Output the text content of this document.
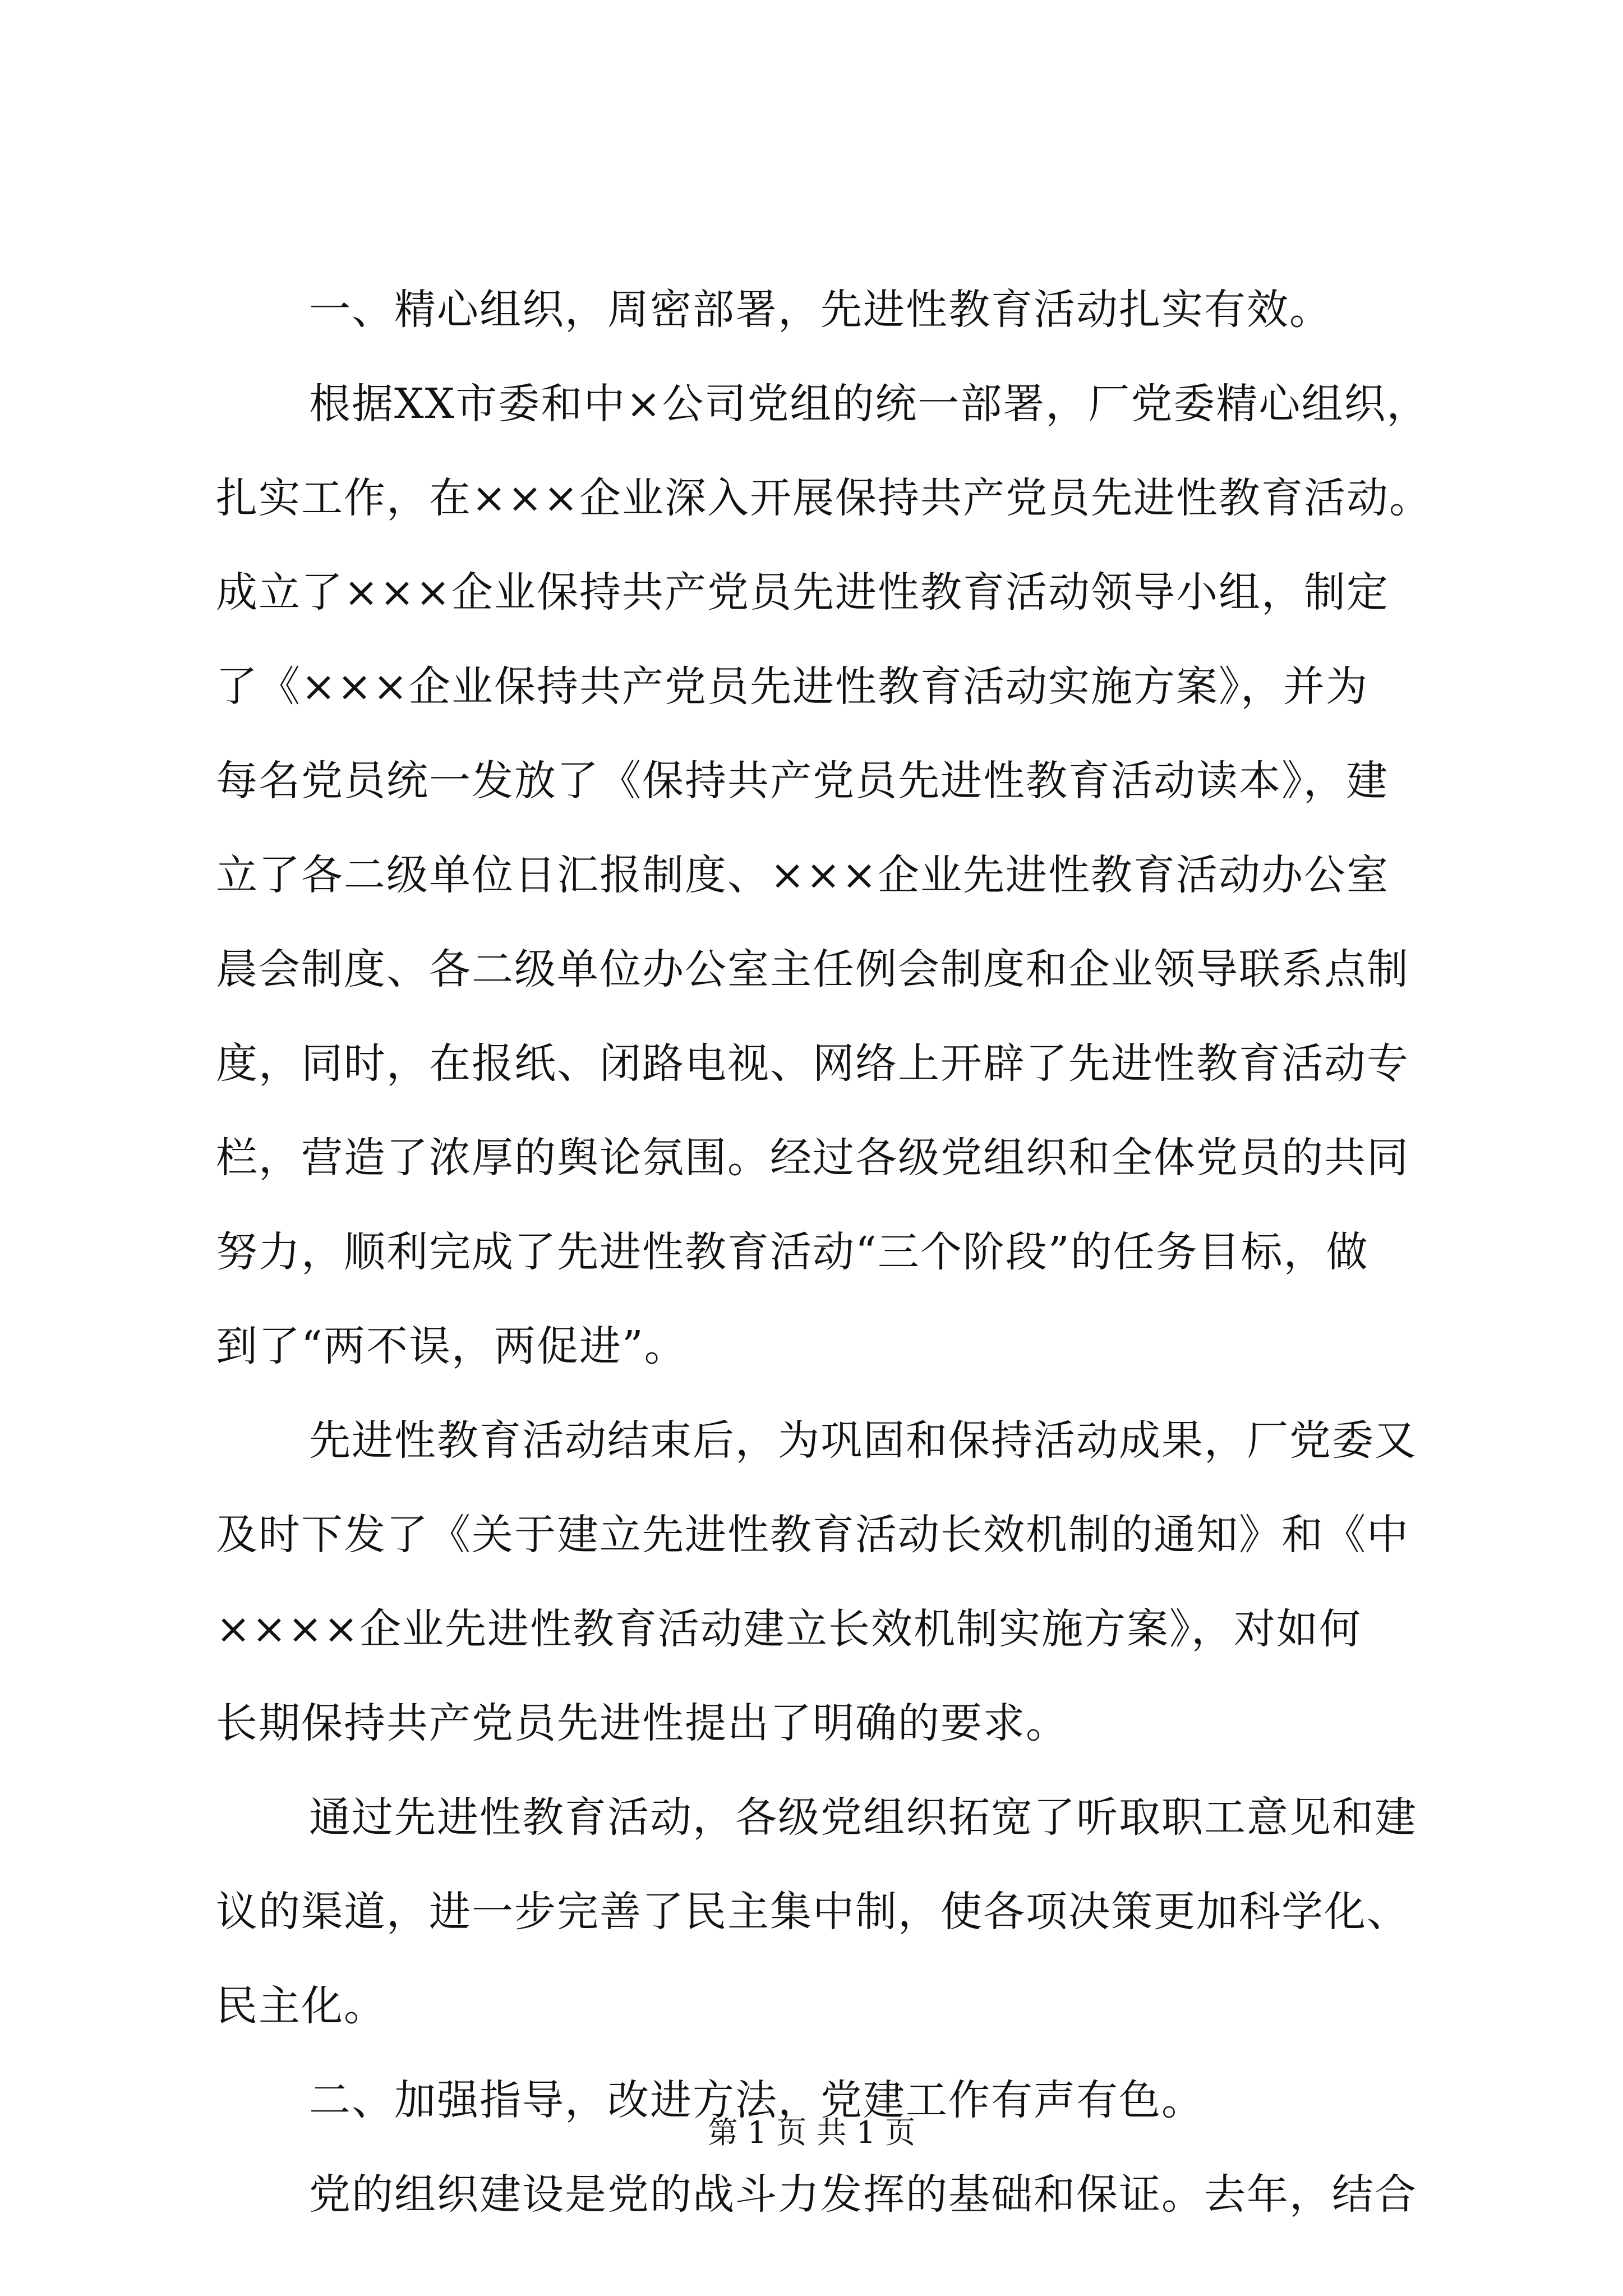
一、精心组织，周密部署，先进性教育活动扎实有效。
根据XX市委和中×公司党组的统一部署，厂党委精心组织，
扎实工作，在×××企业深入开展保持共产党员先进性教育活动。
成立了×××企业保持共产党员先进性教育活动领导小组，制定
了《×××企业保持共产党员先进性教育活动实施方案》，并为
每名党员统一发放了《保持共产党员先进性教育活动读本》，建
立了各二级单位日汇报制度、×××企业先进性教育活动办公室
晨会制度、各二级单位办公室主任例会制度和企业领导联系点制
度，同时，在报纸、闭路电视、网络上开辟了先进性教育活动专
栏，营造了浓厚的舆论氛围。经过各级党组织和全体党员的共同
努力，顺利完成了先进性教育活动“三个阶段”的任务目标，做
到了“两不误，两促进”。
先进性教育活动结束后，为巩固和保持活动成果，厂党委又
及时下发了《关于建立先进性教育活动长效机制的通知》和《中
××××企业先进性教育活动建立长效机制实施方案》，对如何
长期保持共产党员先进性提出了明确的要求。
通过先进性教育活动，各级党组织拓宽了听取职工意见和建
议的渠道，进一步完善了民主集中制，使各项决策更加科学化、
民主化。
二、加强指导，改进方法，党建工作有声有色。
党的组织建设是党的战斗力发挥的基础和保证。去年，结合
第 1 页 共 1 页
